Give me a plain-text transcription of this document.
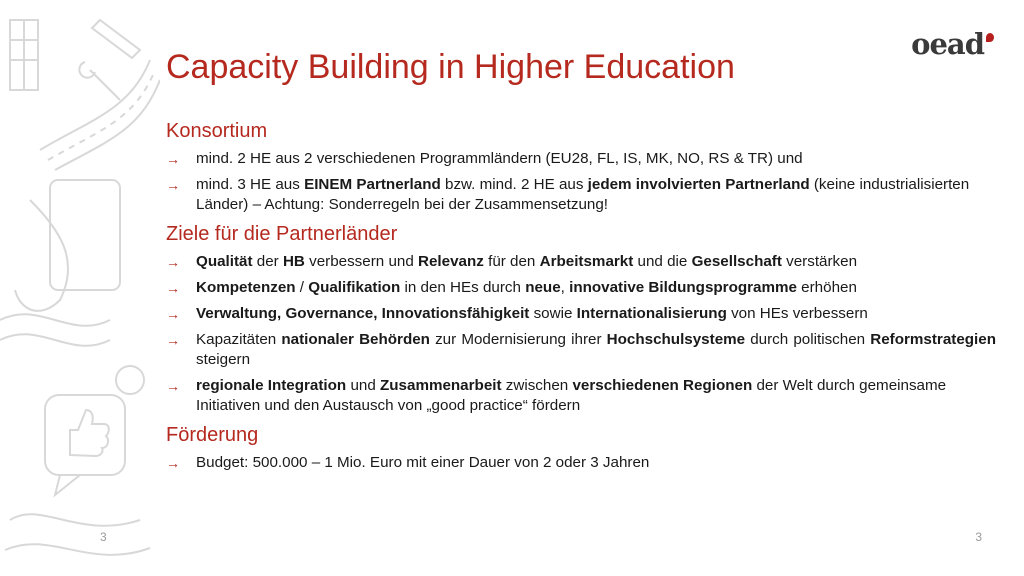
oead
Capacity Building in Higher Education
Konsortium
→	mind. 2 HE aus 2 verschiedenen Programmländern (EU28, FL, IS, MK, NO, RS & TR) und
→	mind. 3 HE aus EINEM Partnerland bzw. mind. 2 HE aus jedem involvierten Partnerland (keine industrialisierten Länder) – Achtung: Sonderregeln bei der Zusammensetzung!
Ziele für die Partnerländer
→	Qualität der HB verbessern und Relevanz für den Arbeitsmarkt und die Gesellschaft verstärken
→	Kompetenzen / Qualifikation in den HEs durch neue, innovative Bildungsprogramme erhöhen
→	Verwaltung, Governance, Innovationsfähigkeit sowie Internationalisierung von HEs verbessern
→	Kapazitäten nationaler Behörden zur Modernisierung ihrer Hochschulsysteme durch politischen Reformstrategien steigern
→	regionale Integration und Zusammenarbeit zwischen verschiedenen Regionen der Welt durch gemeinsame Initiativen und den Austausch von „good practice“ fördern
Förderung
→	Budget: 500.000 – 1 Mio. Euro mit einer Dauer von 2 oder 3 Jahren
3	3
